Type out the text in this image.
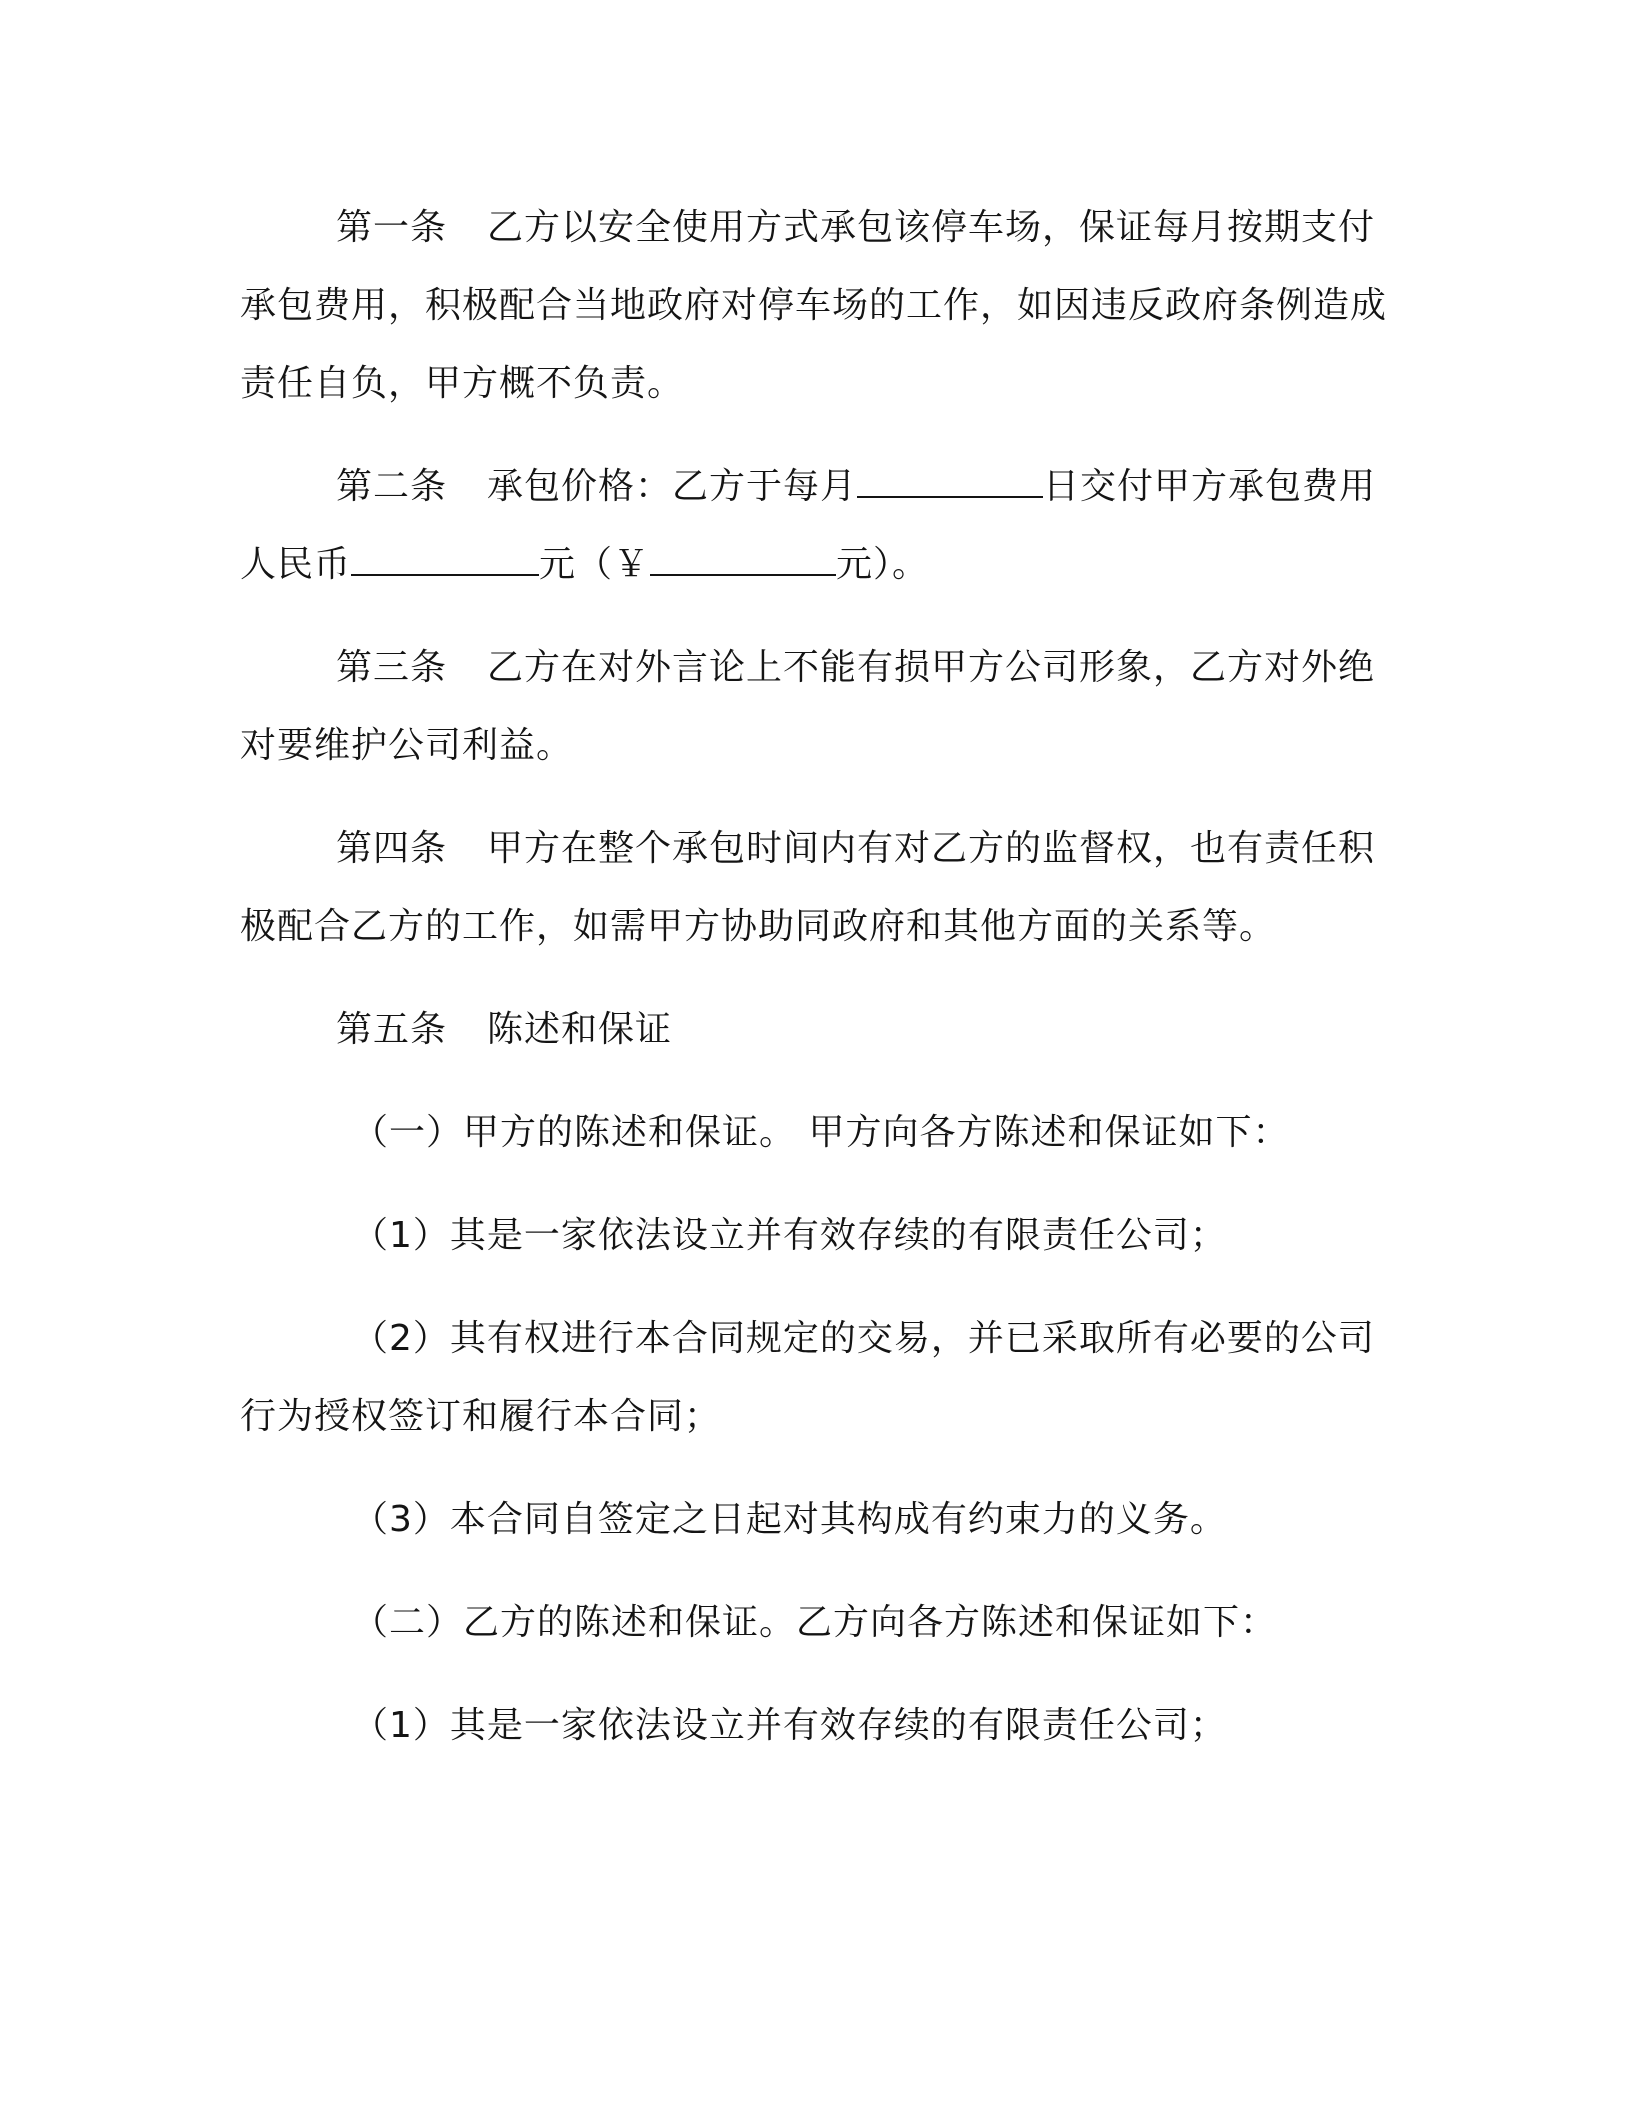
第一条 乙方以安全使用方式承包该停车场，保证每月按期支付承包费用，积极配合当地政府对停车场的工作，如因违反政府条例造成责任自负，甲方概不负责。

第二条 承包价格：乙方于每月	日交付甲方承包费用人民币	元（￥	元）。

第三条 乙方在对外言论上不能有损甲方公司形象，乙方对外绝对要维护公司利益。

第四条 甲方在整个承包时间内有对乙方的监督权，也有责任积极配合乙方的工作，如需甲方协助同政府和其他方面的关系等。

第五条 陈述和保证

（一）甲方的陈述和保证。 甲方向各方陈述和保证如下：

（1）其是一家依法设立并有效存续的有限责任公司；

（2）其有权进行本合同规定的交易，并已采取所有必要的公司行为授权签订和履行本合同；

（3）本合同自签定之日起对其构成有约束力的义务。

（二）乙方的陈述和保证。乙方向各方陈述和保证如下：

（1）其是一家依法设立并有效存续的有限责任公司；
